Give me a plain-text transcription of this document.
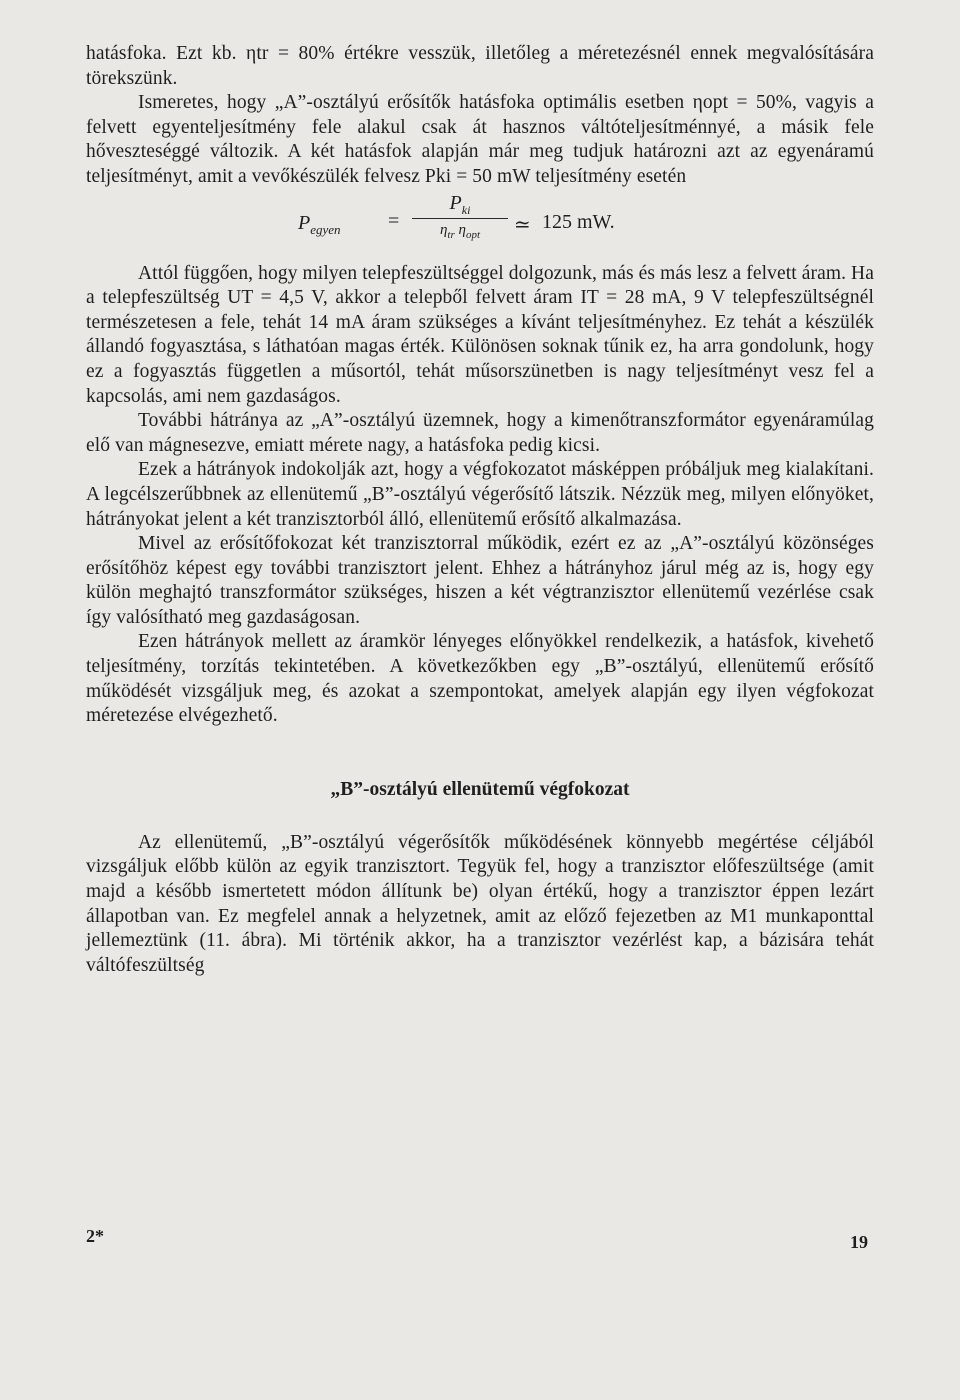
hatásfoka. Ezt kb. ηtr = 80% értékre vesszük, illetőleg a méretezésnél ennek megvalósítására törekszünk.

Ismeretes, hogy „A”-osztályú erősítők hatásfoka optimális esetben ηopt = 50%, vagyis a felvett egyenteljesítmény fele alakul csak át hasznos váltóteljesítménnyé, a másik fele hőveszteséggé változik. A két hatásfok alapján már meg tudjuk határozni azt az egyenáramú teljesítményt, amit a vevőkészülék felvesz Pki = 50 mW teljesítmény esetén

$P_{egyen}$ =
$P_{ki}$
$\eta_{tr}$ $\eta_{opt}$	≃ 125 mW.

Attól függően, hogy milyen telepfeszültséggel dolgozunk, más és más lesz a felvett áram. Ha a telepfeszültség UT = 4,5 V, akkor a telepből felvett áram IT = 28 mA, 9 V telepfeszültségnél természetesen a fele, tehát 14 mA áram szükséges a kívánt teljesítményhez. Ez tehát a készülék állandó fogyasztása, s láthatóan magas érték. Különösen soknak tűnik ez, ha arra gondolunk, hogy ez a fogyasztás független a műsortól, tehát műsorszünetben is nagy teljesítményt vesz fel a kapcsolás, ami nem gazdaságos.

További hátránya az „A”-osztályú üzemnek, hogy a kimenőtranszformátor egyenáramúlag elő van mágnesezve, emiatt mérete nagy, a hatásfoka pedig kicsi.

Ezek a hátrányok indokolják azt, hogy a végfokozatot másképpen próbáljuk meg kialakítani. A legcélszerűbbnek az ellenütemű „B”-osztályú végerősítő látszik. Nézzük meg, milyen előnyöket, hátrányokat jelent a két tranzisztorból álló, ellenütemű erősítő alkalmazása.

Mivel az erősítőfokozat két tranzisztorral működik, ezért ez az „A”-osztályú közönséges erősítőhöz képest egy további tranzisztort jelent. Ehhez a hátrányhoz járul még az is, hogy egy külön meghajtó transzformátor szükséges, hiszen a két végtranzisztor ellenütemű vezérlése csak így valósítható meg gazdaságosan.

Ezen hátrányok mellett az áramkör lényeges előnyökkel rendelkezik, a hatásfok, kivehető teljesítmény, torzítás tekintetében. A következőkben egy „B”-osztályú, ellenütemű erősítő működését vizsgáljuk meg, és azokat a szempontokat, amelyek alapján egy ilyen végfokozat méretezése elvégezhető.

„B”-osztályú ellenütemű végfokozat

Az ellenütemű, „B”-osztályú végerősítők működésének könnyebb megértése céljából vizsgáljuk előbb külön az egyik tranzisztort. Tegyük fel, hogy a tranzisztor előfeszültsége (amit majd a később ismertetett módon állítunk be) olyan értékű, hogy a tranzisztor éppen lezárt állapotban van. Ez megfelel annak a helyzetnek, amit az előző fejezetben az M1 munkaponttal jellemeztünk (11. ábra). Mi történik akkor, ha a tranzisztor vezérlést kap, a bázisára tehát váltófeszültség

2*	19
